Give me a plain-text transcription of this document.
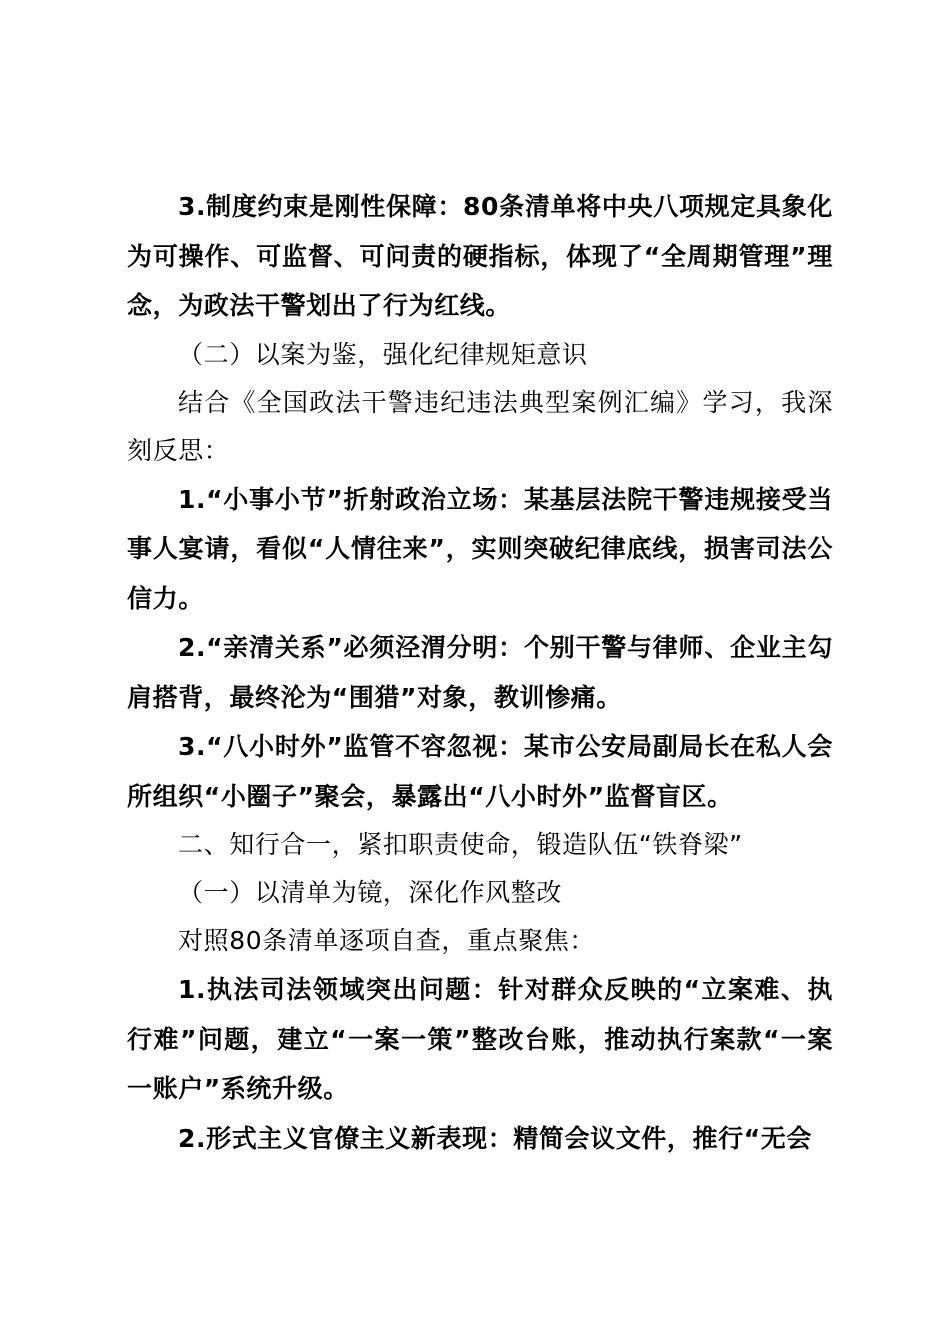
3.制度约束是刚性保障：80条清单将中央八项规定具象化为可操作、可监督、可问责的硬指标，体现了“全周期管理”理念，为政法干警划出了行为红线。

（二）以案为鉴，强化纪律规矩意识

结合《全国政法干警违纪违法典型案例汇编》学习，我深刻反思：

1.“小事小节”折射政治立场：某基层法院干警违规接受当事人宴请，看似“人情往来”，实则突破纪律底线，损害司法公信力。

2.“亲清关系”必须泾渭分明：个别干警与律师、企业主勾肩搭背，最终沦为“围猎”对象，教训惨痛。

3.“八小时外”监管不容忽视：某市公安局副局长在私人会所组织“小圈子”聚会，暴露出“八小时外”监督盲区。

二、知行合一，紧扣职责使命，锻造队伍“铁脊梁”

（一）以清单为镜，深化作风整改

对照80条清单逐项自查，重点聚焦：

1.执法司法领域突出问题：针对群众反映的“立案难、执行难”问题，建立“一案一策”整改台账，推动执行案款“一案一账户”系统升级。

2.形式主义官僚主义新表现：精简会议文件，推行“无会
